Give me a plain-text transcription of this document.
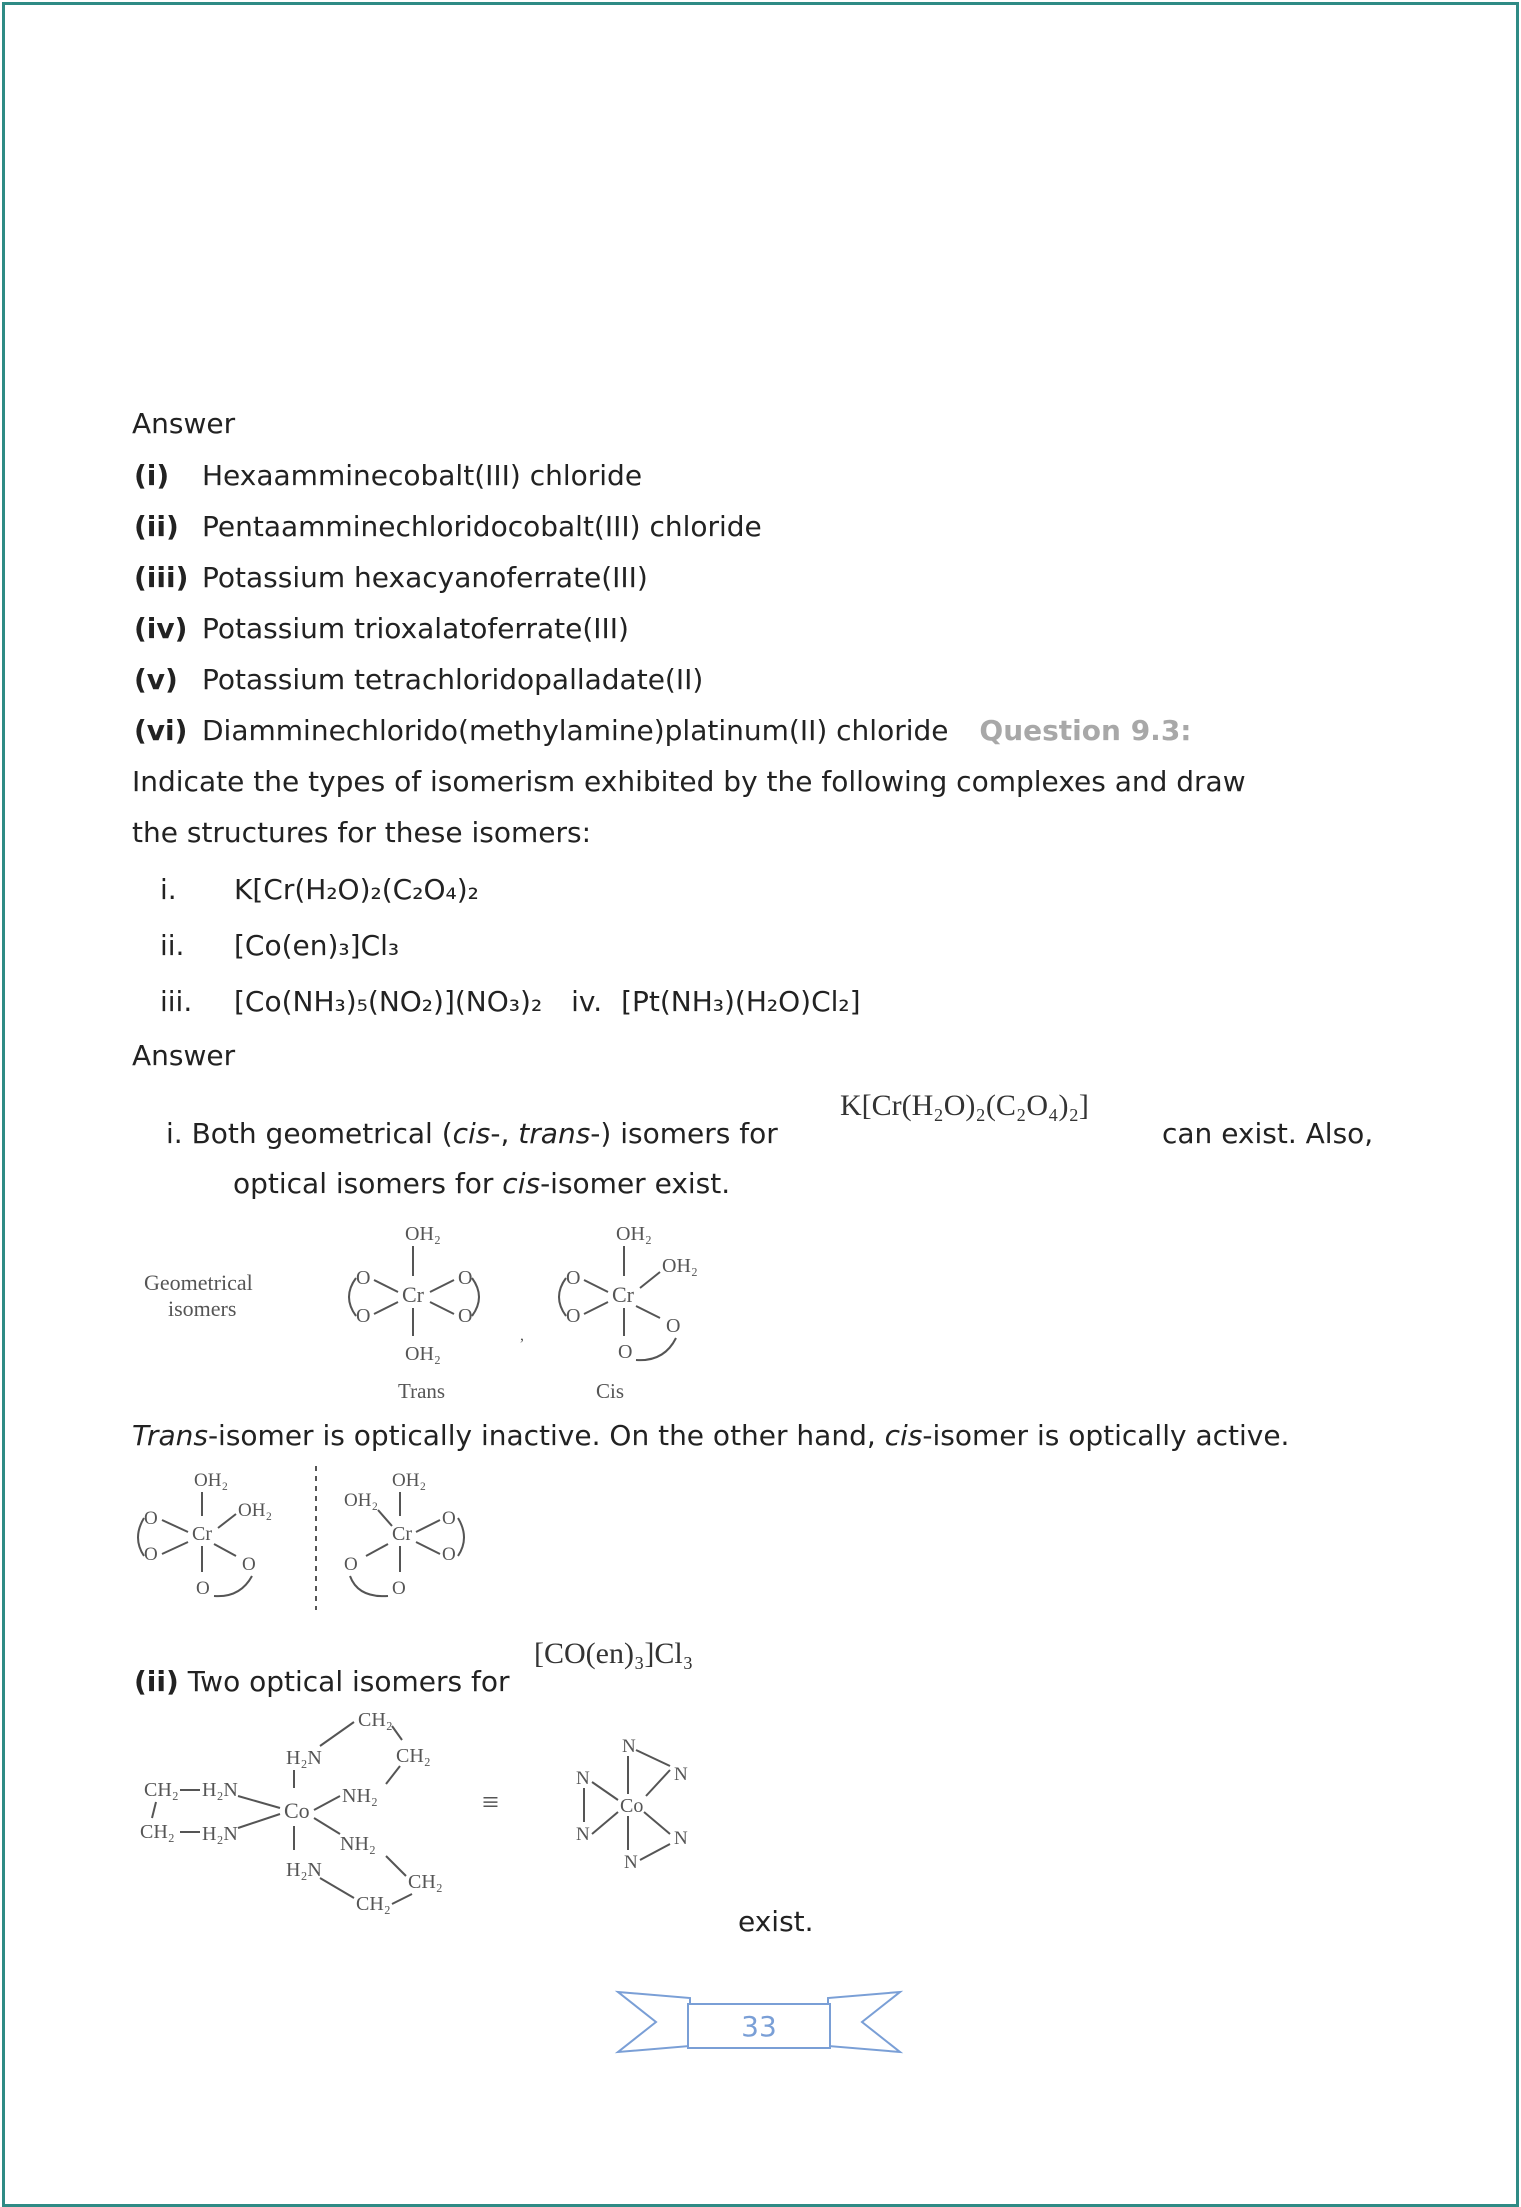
Answer
(i) Hexaamminecobalt(III) chloride
(ii) Pentaamminechloridocobalt(III) chloride
(iii) Potassium hexacyanoferrate(III)
(iv) Potassium trioxalatoferrate(III)
(v) Potassium tetrachloridopalladate(II)
(vi) Diamminechlorido(methylamine)platinum(II) chloride Question 9.3:
Indicate the types of isomerism exhibited by the following complexes and draw
the structures for these isomers:
i. K[Cr(H₂O)₂(C₂O₄)₂
ii. [Co(en)₃]Cl₃
iii. [Co(NH₃)₅(NO₂)](NO₃)₂ iv. [Pt(NH₃)(H₂O)Cl₂]
Answer
i. Both geometrical (cis-, trans-) isomers for
K[Cr(H₂O)₂(C₂O₄)₂]
can exist. Also,
optical isomers for cis-isomer exist.
Geometrical
isomers
OH₂
Cr
OH₂
O
O
O
O
,
OH₂
Cr
OH₂
O
O
O
O
Trans	Cis
Trans-isomer is optically inactive. On the other hand, cis-isomer is optically active.
OH₂
Cr
OH₂
O
O
O
O
OH₂
OH₂
Cr
O
O
O
O
(ii) Two optical isomers for
[CO(en)₃]Cl₃
CH₂
H₂N	CH₂
NH₂
CH₂ H₂N
Co
CH₂ H₂N	NH₂
H₂N
CH₂
CH₂
≡
N
N
N
Co
N	N
N
exist.
33
